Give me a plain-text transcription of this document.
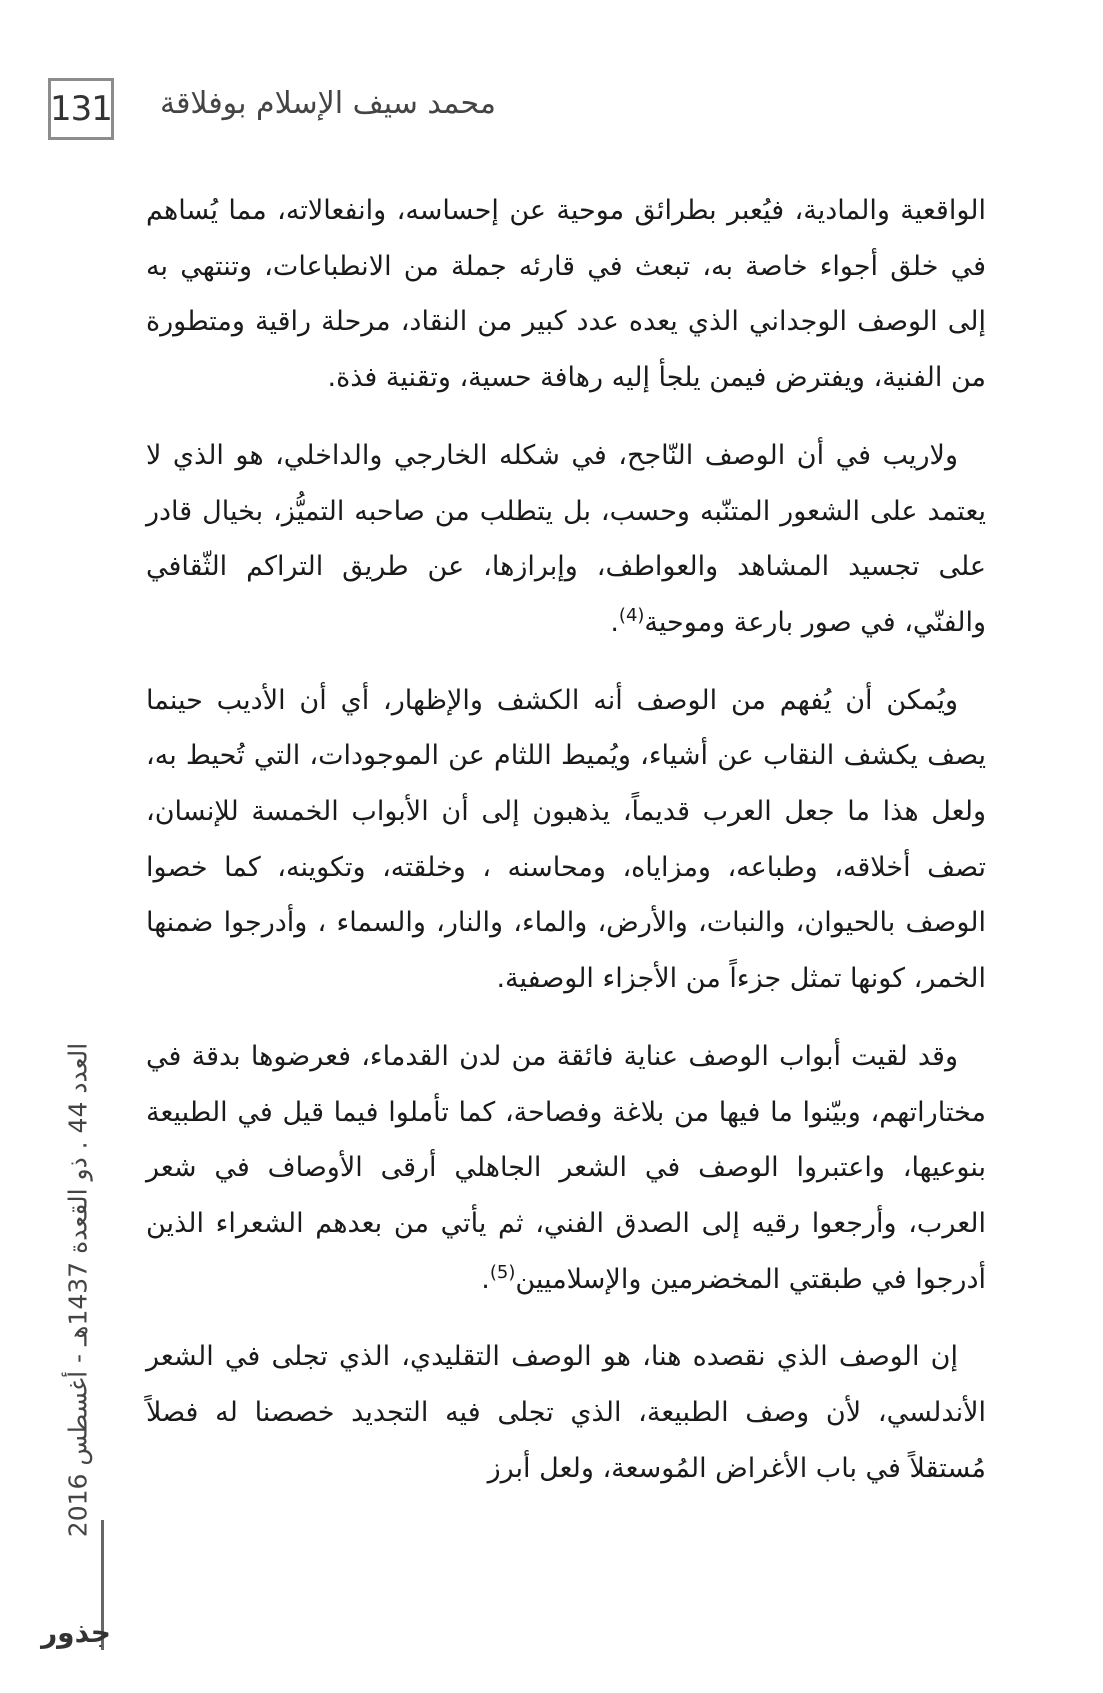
131 محمد سيف الإسلام بوفلاقة

الواقعية والمادية، فيُعبر بطرائق موحية عن إحساسه، وانفعالاته، مما يُساهم في خلق أجواء خاصة به، تبعث في قارئه جملة من الانطباعات، وتنتهي به إلى الوصف الوجداني الذي يعده عدد كبير من النقاد، مرحلة راقية ومتطورة من الفنية، ويفترض فيمن يلجأ إليه رهافة حسية، وتقنية فذة.

ولاريب في أن الوصف النّاجح، في شكله الخارجي والداخلي، هو الذي لا يعتمد على الشعور المتنّبه وحسب، بل يتطلب من صاحبه التميُّز، بخيال قادر على تجسيد المشاهد والعواطف، وإبرازها، عن طريق التراكم الثّقافي والفنّي، في صور بارعة وموحية$^{(4)}$.

ويُمكن أن يُفهم من الوصف أنه الكشف والإظهار، أي أن الأديب حينما يصف يكشف النقاب عن أشياء، ويُميط اللثام عن الموجودات، التي تُحيط به، ولعل هذا ما جعل العرب قديماً، يذهبون إلى أن الأبواب الخمسة للإنسان، تصف أخلاقه، وطباعه، ومزاياه، ومحاسنه ، وخلقته، وتكوينه، كما خصوا الوصف بالحيوان، والنبات، والأرض، والماء، والنار، والسماء ، وأدرجوا ضمنها الخمر، كونها تمثل جزءاً من الأجزاء الوصفية.

وقد لقيت أبواب الوصف عناية فائقة من لدن القدماء، فعرضوها بدقة في مختاراتهم، وبيّنوا ما فيها من بلاغة وفصاحة، كما تأملوا فيما قيل في الطبيعة بنوعيها، واعتبروا الوصف في الشعر الجاهلي أرقى الأوصاف في شعر العرب، وأرجعوا رقيه إلى الصدق الفني، ثم يأتي من بعدهم الشعراء الذين أدرجوا في طبقتي المخضرمين والإسلاميين$^{(5)}$.

إن الوصف الذي نقصده هنا، هو الوصف التقليدي، الذي تجلى في الشعر الأندلسي، لأن وصف الطبيعة، الذي تجلى فيه التجديد خصصنا له فصلاً مُستقلاً في باب الأغراض المُوسعة، ولعل أبرز

العدد 44 . ذو القعدة 1437هـ - أغسطس 2016
جذور
